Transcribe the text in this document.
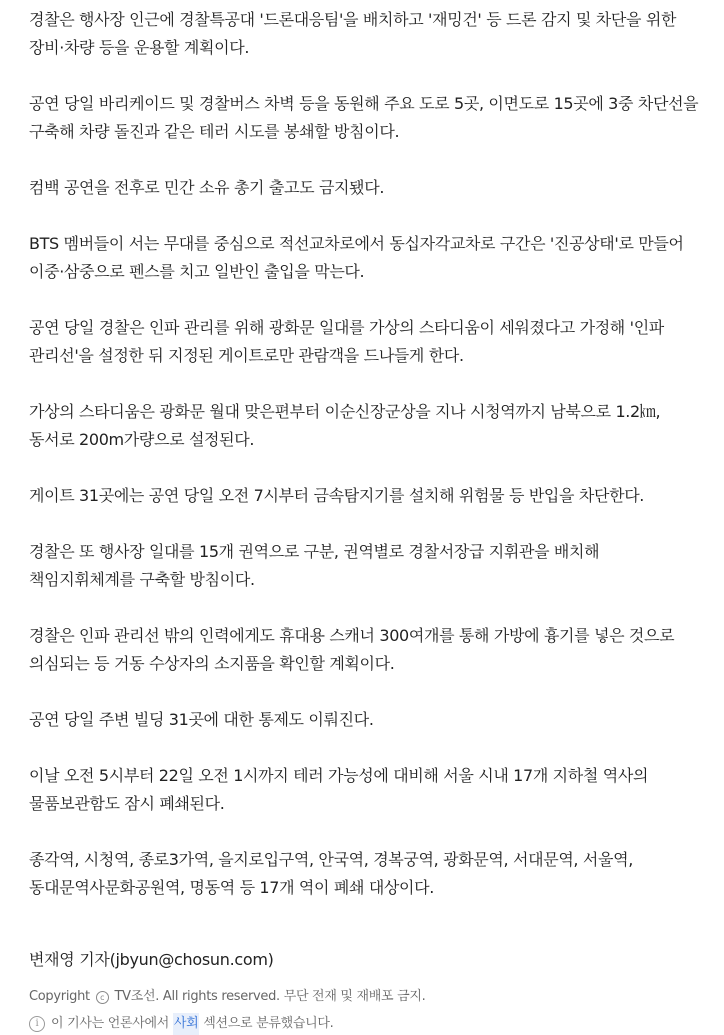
경찰은 행사장 인근에 경찰특공대 '드론대응팀'을 배치하고 '재밍건' 등 드론 감지 및 차단을 위한 장비·차량 등을 운용할 계획이다.

공연 당일 바리케이드 및 경찰버스 차벽 등을 동원해 주요 도로 5곳, 이면도로 15곳에 3중 차단선을 구축해 차량 돌진과 같은 테러 시도를 봉쇄할 방침이다.

컴백 공연을 전후로 민간 소유 총기 출고도 금지됐다.

BTS 멤버들이 서는 무대를 중심으로 적선교차로에서 동십자각교차로 구간은 '진공상태'로 만들어 이중·삼중으로 펜스를 치고 일반인 출입을 막는다.

공연 당일 경찰은 인파 관리를 위해 광화문 일대를 가상의 스타디움이 세워졌다고 가정해 '인파 관리선'을 설정한 뒤 지정된 게이트로만 관람객을 드나들게 한다.

가상의 스타디움은 광화문 월대 맞은편부터 이순신장군상을 지나 시청역까지 남북으로 1.2㎞, 동서로 200m가량으로 설정된다.

게이트 31곳에는 공연 당일 오전 7시부터 금속탐지기를 설치해 위험물 등 반입을 차단한다.

경찰은 또 행사장 일대를 15개 권역으로 구분, 권역별로 경찰서장급 지휘관을 배치해 책임지휘체계를 구축할 방침이다.

경찰은 인파 관리선 밖의 인력에게도 휴대용 스캐너 300여개를 통해 가방에 흉기를 넣은 것으로 의심되는 등 거동 수상자의 소지품을 확인할 계획이다.

공연 당일 주변 빌딩 31곳에 대한 통제도 이뤄진다.

이날 오전 5시부터 22일 오전 1시까지 테러 가능성에 대비해 서울 시내 17개 지하철 역사의 물품보관함도 잠시 폐쇄된다.

종각역, 시청역, 종로3가역, 을지로입구역, 안국역, 경복궁역, 광화문역, 서대문역, 서울역, 동대문역사문화공원역, 명동역 등 17개 역이 폐쇄 대상이다.

변재영 기자(jbyun@chosun.com)
Copyright c TV조선. All rights reserved. 무단 전재 및 재배포 금지.
i 이 기사는 언론사에서
사회
섹션으로 분류했습니다.
